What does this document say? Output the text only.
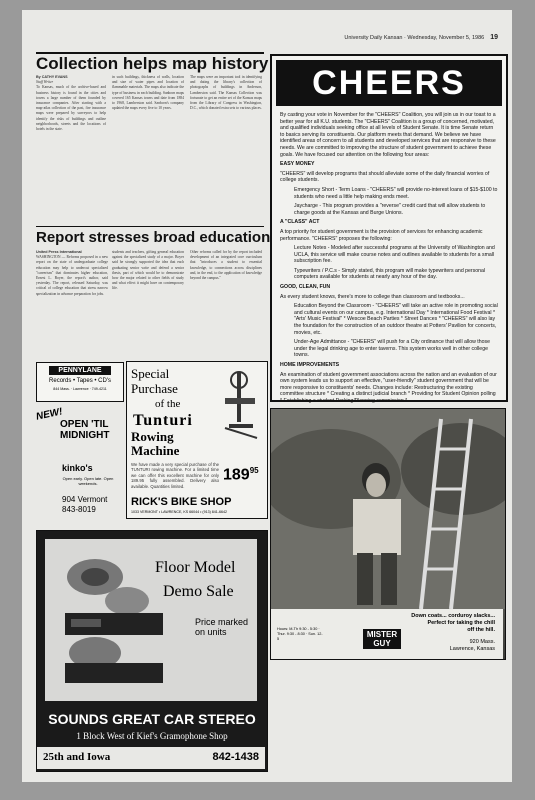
University Daily Kansan · Wednesday, November 5, 1986 19
Collection helps map history
By CATHY EVANS
Staff Writer
To Kansas, much of the archive-based and business history is found in the cities and towns a large number of them founded by insurance companies. After starting with a map-atlas collection of the past, fire insurance maps were prepared by surveyors to help identify the risks of buildings and outline neighborhoods, streets and the locations of hotels in the state.
in such buildings, thickness of walls, location and size of water pipes and location of flammable materials. The maps also indicate the type of business in each building. Sanborn maps covered 165 Kansas towns and date from 1884 to 1968, Lamberston said. Sanborn's company updated the maps every five to 10 years.
The maps were an important tool in identifying and dating the library's collection of photographs of buildings in Anderson, Lamberston said. The Kansas Collection was fortunate to get an entire set of the Kansas maps from the Library of Congress in Washington, D.C., which donated extra sets to various places.
Report stresses broad education
United Press International
WASHINGTON — Reforms proposed in a new report on the state of undergraduate college education may help to undercut specialized "careerism" that dominates higher education, Ernest L. Boyer, the report's author, said yesterday. The report, released Saturday, was critical of college education that stress narrow specialization in advance preparation for jobs.
students and teachers, gifting general education against the specialized study of a major. Boyer said he strongly supported the idea that each graduating senior write and defend a senior thesis, part of which would be to demonstrate how the major related to other fields of study and what effect it might have on contemporary life.
Other reforms called for by the report included development of an integrated core curriculum that "introduces a student to essential knowledge, to connections across disciplines and, in the end, to the application of knowledge beyond the campus."
PENNYLANE
Records • Tapes • CD's
844 Mass. · Lawrence · 749-4211
NEW!
OPEN 'TIL MIDNIGHT
kinko's
Open early. Open late. Open weekends.
904 Vermont
843-8019
Special Purchase
of the
Tunturi
Rowing Machine
We have made a very special purchase of the TUNTURI rowing machine. For a limited time we can offer this excellent machine for only 189.95 fully assembled. Delivery also available. Quantities limited.
$189^{95}$
RICK'S BIKE SHOP
1033 VERMONT • LAWRENCE, KS 66044 • (913) 841-6642
Floor Model
Demo Sale
Price marked on units
SOUNDS GREAT CAR STEREO
1 Block West of Kief's Gramophone Shop
25th and Iowa	842-1438
CHEERS

By casting your vote in November for the "CHEERS" Coalition, you will join us in our toast to a better year for all K.U. students. The "CHEERS" Coalition is a group of concerned, motivated, and qualified individuals seeking office at all levels of Student Senate. It is time Senate return to basics serving its constituents. Our platform meets that demand. We believe we have identified areas of concern to all students and developed services that are responsive to these needs. We are committed to improving the structure of student government to achieve these goals. We have focused our attention on the following four areas:

EASY MONEY

"CHEERS" will develop programs that should alleviate some of the daily financial worries of college students.

Emergency Short - Term Loans - "CHEERS" will provide no-interest loans of $15-$100 to students who need a little help making ends meet.

Jaycharge - This program provides a "reverse" credit card that will allow students to charge goods at the Kansas and Burge Unions.

A "CLASS" ACT

A top priority for student government is the provision of services for enhancing academic performance. "CHEERS" proposes the following:

Lecture Notes - Modeled after successful programs at the University of Washington and UCLA, this service will make course notes and outlines available to students for a small subscription fee.

Typewriters / P.C.s - Simply stated, this program will make typewriters and personal computers available for students at nearly any hour of the day.

GOOD, CLEAN, FUN

As every student knows, there's more to college than classroom and textbooks...

Education Beyond the Classroom - "CHEERS" will take an active role in promoting social and cultural events on our campus, e.g. International Day * International Food Festival * "Arts' Music Festival" * Wescoe Beach Parties * Street Dances * "CHEERS" will also lay the foundation for the construction of an outdoor theatre at Potters' Pavilion for concerts, movies, etc.

Under-Age Admittance - "CHEERS" will push for a City ordinance that will allow those under the legal drinking age to enter taverns. This system works well in other college towns.

HOME IMPROVEMENTS

An examination of student government associations across the nation and an evaluation of our own system leads us to support an effective, "user-friendly" student government that will be more responsive to constituents' needs. Changes include: Restructuring the existing committee structure * Creating a distinct judicial branch * Providing for Student Opinion polling * Establishing a student Parking/Planning commission *

Down coats... corduroy slacks...
Perfect for taking the chill
off the hill.
Hours: M-Th 9:30 - 5:30 · Thur. 9:30 - 8:30 · Sun. 12-5	MISTER GUY	920 Mass.
Lawrence, Kansas
